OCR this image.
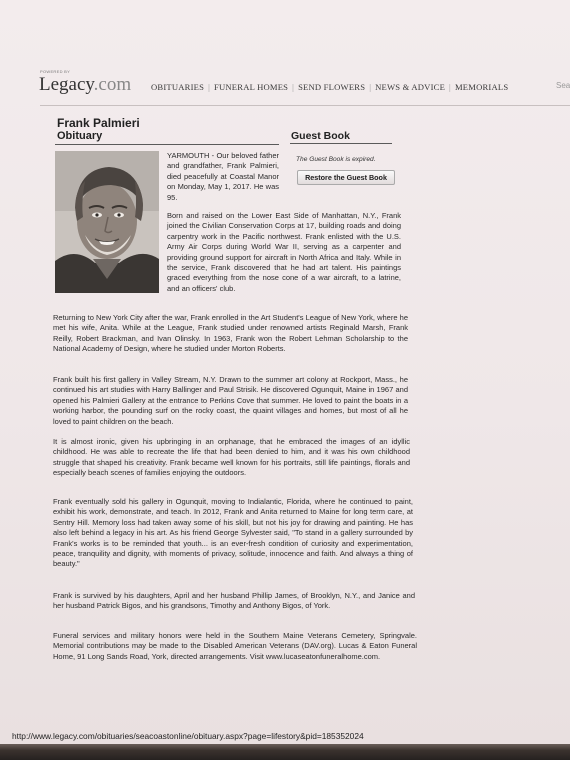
POWERED BY
Legacy.com OBITUARIES | FUNERAL HOMES | SEND FLOWERS | NEWS & ADVICE | MEMORIALS	Sea
Frank Palmieri
Obituary	Guest Book
The Guest Book is expired.
Restore the Guest Book

YARMOUTH - Our beloved father and grandfather, Frank Palmieri, died peacefully at Coastal Manor on Monday, May 1, 2017. He was 95.

Born and raised on the Lower East Side of Manhattan, N.Y., Frank joined the Civilian Conservation Corps at 17, building roads and doing carpentry work in the Pacific northwest. Frank enlisted with the U.S. Army Air Corps during World War II, serving as a carpenter and providing ground support for aircraft in North Africa and Italy. While in the service, Frank discovered that he had art talent. His paintings graced everything from the nose cone of a war aircraft, to a latrine, and an officers' club.

Returning to New York City after the war, Frank enrolled in the Art Student's League of New York, where he met his wife, Anita. While at the League, Frank studied under renowned artists Reginald Marsh, Frank Reilly, Robert Brackman, and Ivan Olinsky. In 1963, Frank won the Robert Lehman Scholarship to the National Academy of Design, where he studied under Morton Roberts.

Frank built his first gallery in Valley Stream, N.Y. Drawn to the summer art colony at Rockport, Mass., he continued his art studies with Harry Ballinger and Paul Strisik. He discovered Ogunquit, Maine in 1967 and opened his Palmieri Gallery at the entrance to Perkins Cove that summer. He loved to paint the boats in a working harbor, the pounding surf on the rocky coast, the quaint villages and homes, but most of all he loved to paint children on the beach.

It is almost ironic, given his upbringing in an orphanage, that he embraced the images of an idyllic childhood. He was able to recreate the life that had been denied to him, and it was his own childhood struggle that shaped his creativity. Frank became well known for his portraits, still life paintings, florals and especially beach scenes of families enjoying the outdoors.

Frank eventually sold his gallery in Ogunquit, moving to Indialantic, Florida, where he continued to paint, exhibit his work, demonstrate, and teach. In 2012, Frank and Anita returned to Maine for long term care, at Sentry Hill. Memory loss had taken away some of his skill, but not his joy for drawing and painting. He has also left behind a legacy in his art. As his friend George Sylvester said, "To stand in a gallery surrounded by Frank's works is to be reminded that youth... is an ever-fresh condition of curiosity and experimentation, peace, tranquility and dignity, with moments of privacy, solitude, innocence and faith. And always a thing of beauty."

Frank is survived by his daughters, April and her husband Phillip James, of Brooklyn, N.Y., and Janice and her husband Patrick Bigos, and his grandsons, Timothy and Anthony Bigos, of York.

Funeral services and military honors were held in the Southern Maine Veterans Cemetery, Springvale. Memorial contributions may be made to the Disabled American Veterans (DAV.org). Lucas & Eaton Funeral Home, 91 Long Sands Road, York, directed arrangements. Visit www.lucaseatonfuneralhome.com.

http://www.legacy.com/obituaries/seacoastonline/obituary.aspx?page=lifestory&pid=185352024
